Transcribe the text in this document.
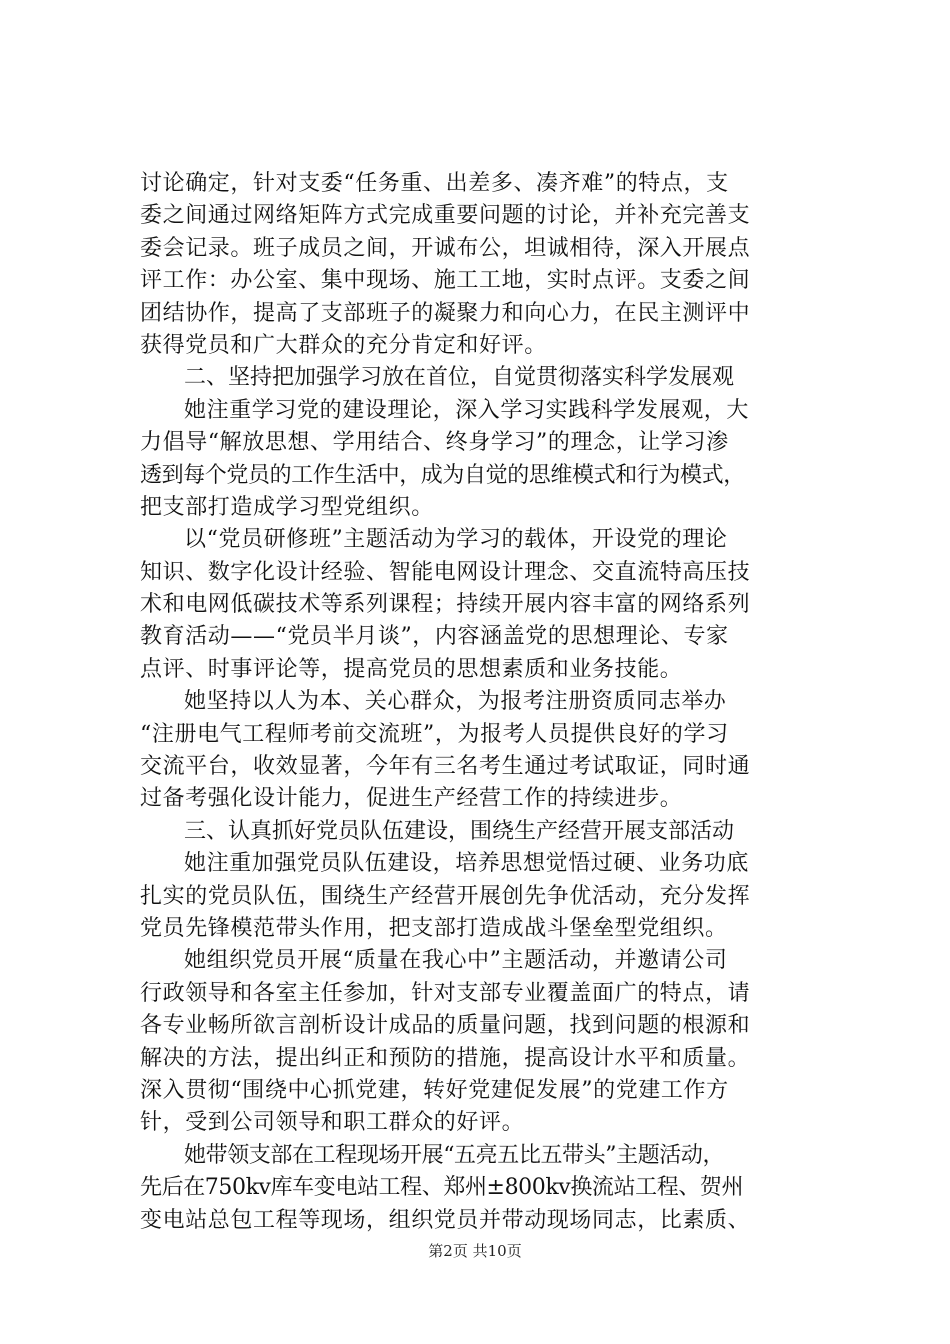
讨论确定，针对支委“任务重、出差多、凑齐难”的特点，支
委之间通过网络矩阵方式完成重要问题的讨论，并补充完善支
委会记录。班子成员之间，开诚布公，坦诚相待，深入开展点
评工作：办公室、集中现场、施工工地，实时点评。支委之间
团结协作，提高了支部班子的凝聚力和向心力，在民主测评中
获得党员和广大群众的充分肯定和好评。
二、坚持把加强学习放在首位，自觉贯彻落实科学发展观
她注重学习党的建设理论，深入学习实践科学发展观，大
力倡导“解放思想、学用结合、终身学习”的理念，让学习渗
透到每个党员的工作生活中，成为自觉的思维模式和行为模式，
把支部打造成学习型党组织。
以“党员研修班”主题活动为学习的载体，开设党的理论
知识、数字化设计经验、智能电网设计理念、交直流特高压技
术和电网低碳技术等系列课程；持续开展内容丰富的网络系列
教育活动——“党员半月谈”，内容涵盖党的思想理论、专家
点评、时事评论等，提高党员的思想素质和业务技能。
她坚持以人为本、关心群众，为报考注册资质同志举办
“注册电气工程师考前交流班”，为报考人员提供良好的学习
交流平台，收效显著，今年有三名考生通过考试取证，同时通
过备考强化设计能力，促进生产经营工作的持续进步。
三、认真抓好党员队伍建设，围绕生产经营开展支部活动
她注重加强党员队伍建设，培养思想觉悟过硬、业务功底
扎实的党员队伍，围绕生产经营开展创先争优活动，充分发挥
党员先锋模范带头作用，把支部打造成战斗堡垒型党组织。
她组织党员开展“质量在我心中”主题活动，并邀请公司
行政领导和各室主任参加，针对支部专业覆盖面广的特点，请
各专业畅所欲言剖析设计成品的质量问题，找到问题的根源和
解决的方法，提出纠正和预防的措施，提高设计水平和质量。
深入贯彻“围绕中心抓党建，转好党建促发展”的党建工作方
针，受到公司领导和职工群众的好评。
她带领支部在工程现场开展“五亮五比五带头”主题活动，
先后在750kv库车变电站工程、郑州±800kv换流站工程、贺州
变电站总包工程等现场，组织党员并带动现场同志，比素质、
第2页 共10页
